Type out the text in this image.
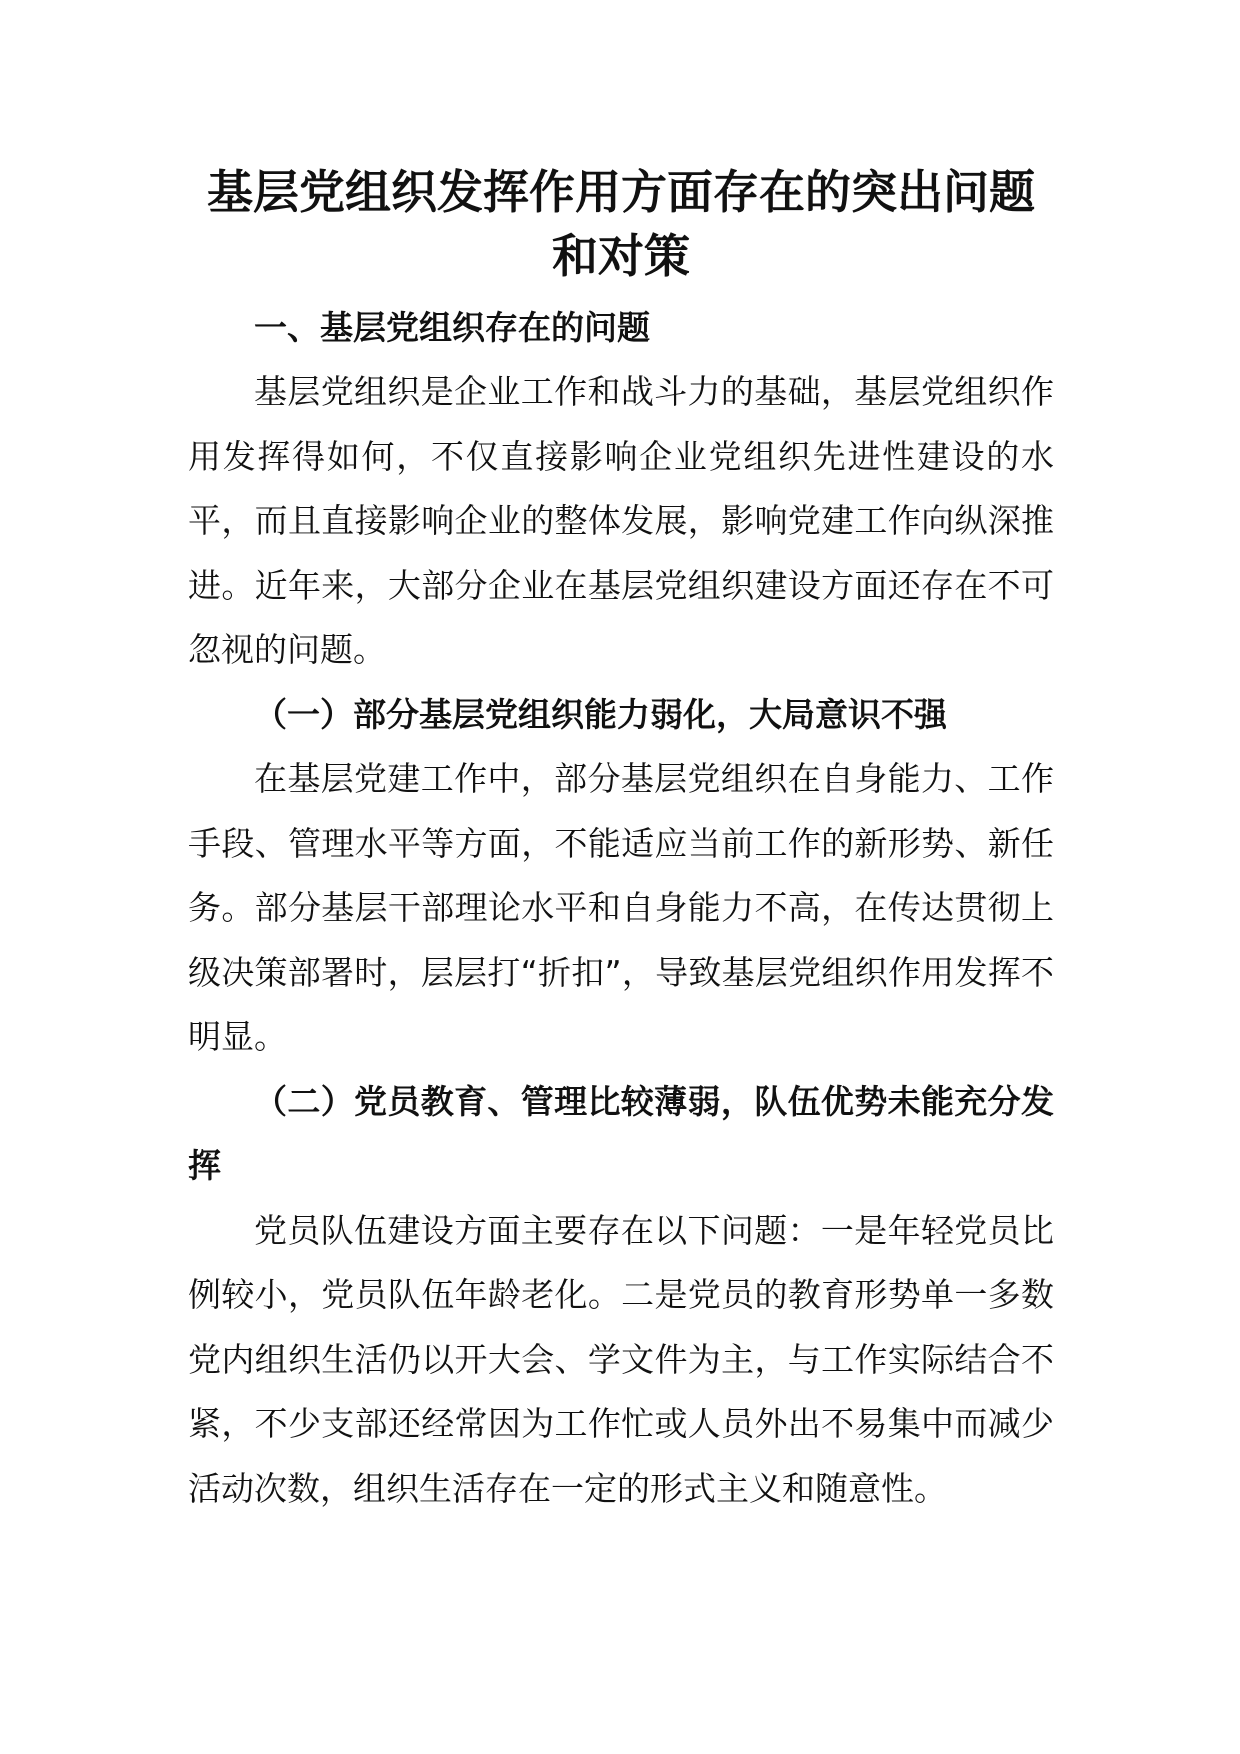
基层党组织发挥作用方面存在的突出问题
和对策
一、基层党组织存在的问题

基层党组织是企业工作和战斗力的基础，基层党组织作用发挥得如何，不仅直接影响企业党组织先进性建设的水平，而且直接影响企业的整体发展，影响党建工作向纵深推进。近年来，大部分企业在基层党组织建设方面还存在不可忽视的问题。

（一）部分基层党组织能力弱化，大局意识不强

在基层党建工作中，部分基层党组织在自身能力、工作手段、管理水平等方面，不能适应当前工作的新形势、新任务。部分基层干部理论水平和自身能力不高，在传达贯彻上级决策部署时，层层打“折扣”，导致基层党组织作用发挥不明显。

（二）党员教育、管理比较薄弱，队伍优势未能充分发挥

党员队伍建设方面主要存在以下问题：一是年轻党员比例较小，党员队伍年龄老化。二是党员的教育形势单一多数党内组织生活仍以开大会、学文件为主，与工作实际结合不紧，不少支部还经常因为工作忙或人员外出不易集中而减少活动次数，组织生活存在一定的形式主义和随意性。
